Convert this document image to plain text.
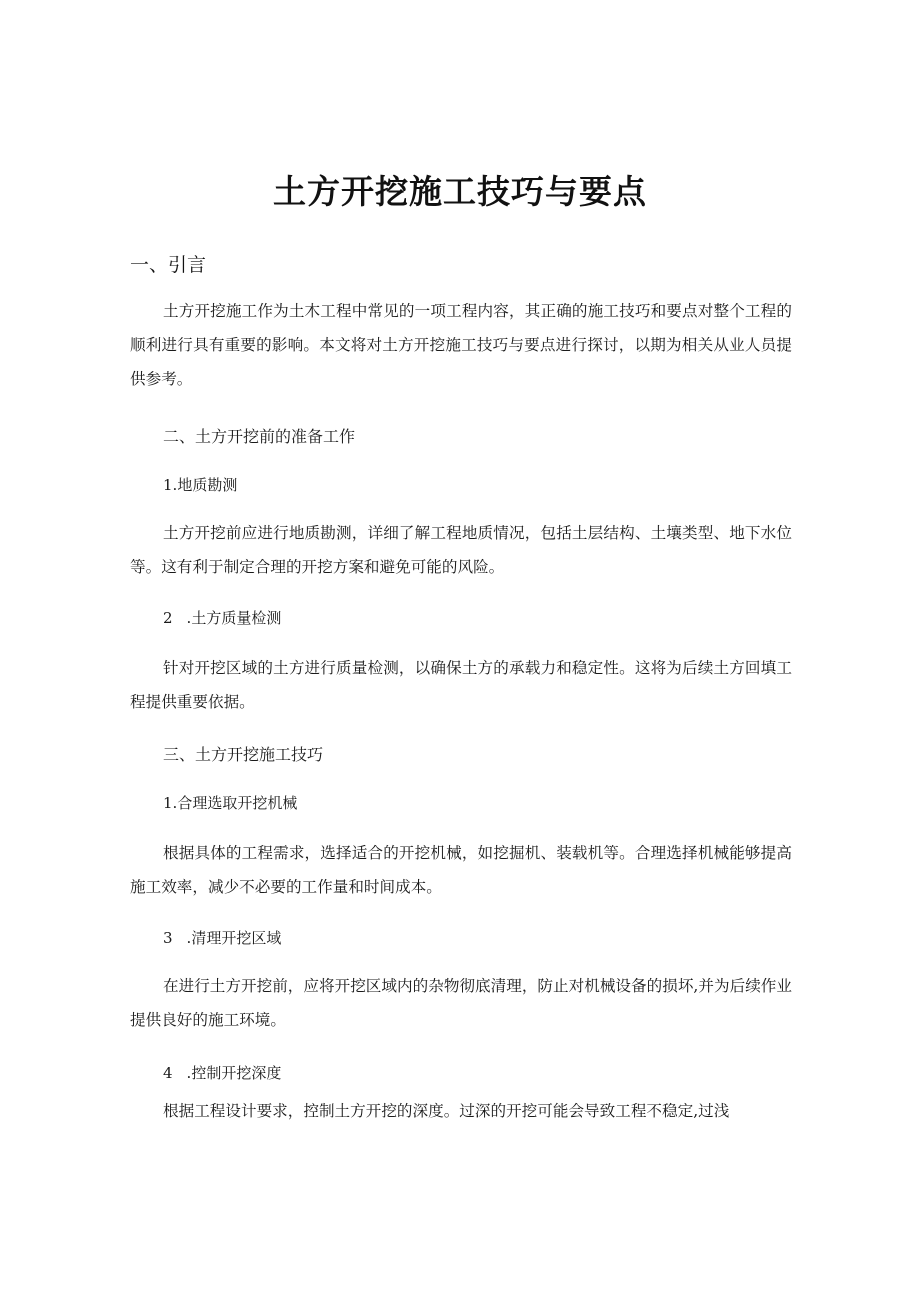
土方开挖施工技巧与要点
一、引言
土方开挖施工作为土木工程中常见的一项工程内容，其正确的施工技巧和要点对整个工程的顺利进行具有重要的影响。本文将对土方开挖施工技巧与要点进行探讨，以期为相关从业人员提供参考。
二、土方开挖前的准备工作
1.地质勘测
土方开挖前应进行地质勘测，详细了解工程地质情况，包括土层结构、土壤类型、地下水位等。这有利于制定合理的开挖方案和避免可能的风险。
2 .土方质量检测
针对开挖区域的土方进行质量检测，以确保土方的承载力和稳定性。这将为后续土方回填工程提供重要依据。
三、土方开挖施工技巧
1.合理选取开挖机械
根据具体的工程需求，选择适合的开挖机械，如挖掘机、装载机等。合理选择机械能够提高施工效率，减少不必要的工作量和时间成本。
3 .清理开挖区域
在进行土方开挖前，应将开挖区域内的杂物彻底清理，防止对机械设备的损坏,并为后续作业提供良好的施工环境。
4 .控制开挖深度
根据工程设计要求，控制土方开挖的深度。过深的开挖可能会导致工程不稳定,过浅
